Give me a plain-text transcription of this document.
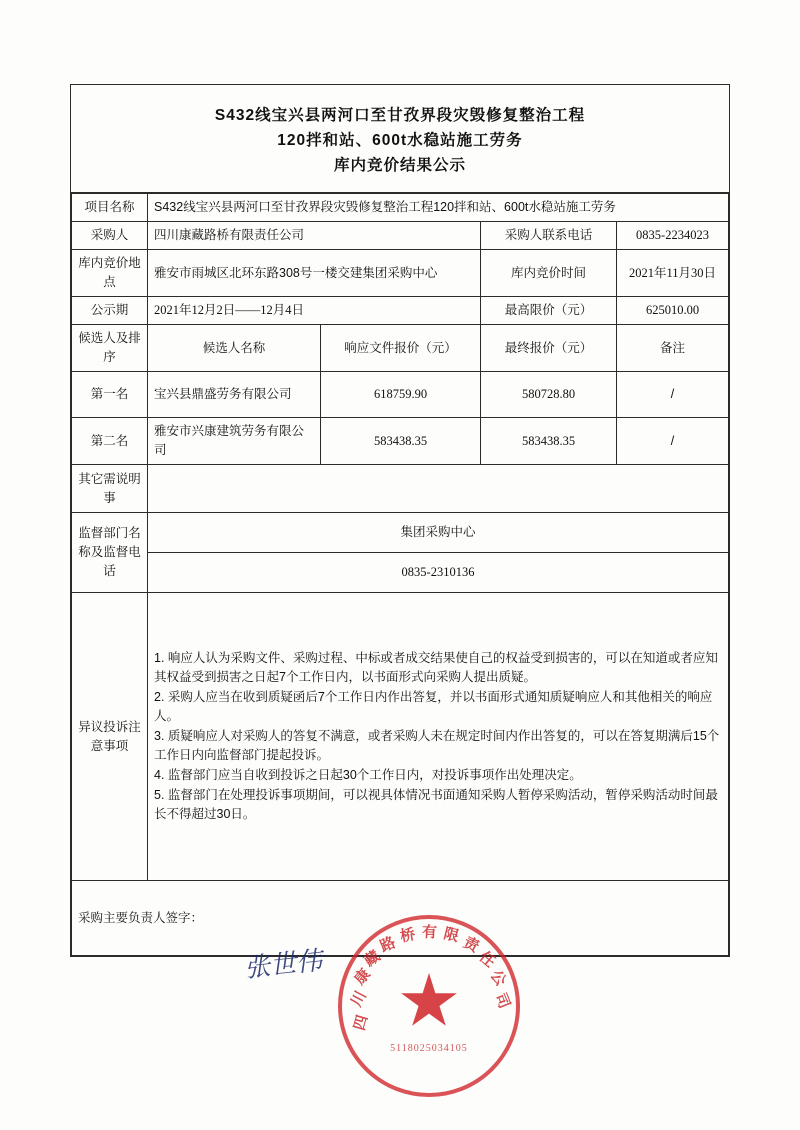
S432线宝兴县两河口至甘孜界段灾毁修复整治工程
120拌和站、600t水稳站施工劳务
库内竞价结果公示
项目名称	S432线宝兴县两河口至甘孜界段灾毁修复整治工程120拌和站、600t水稳站施工劳务			
采购人	四川康藏路桥有限责任公司		采购人联系电话	0835-2234023
库内竞价地点	雅安市雨城区北环东路308号一楼交建集团采购中心		库内竞价时间	2021年11月30日
公示期	2021年12月2日——12月4日		最高限价（元）	625010.00
候选人及排序	候选人名称	响应文件报价（元）	最终报价（元）	备注
第一名	宝兴县鼎盛劳务有限公司	618759.90	580728.80	/
第二名	雅安市兴康建筑劳务有限公司	583438.35	583438.35	/
其它需说明事				
监督部门名称及监督电话	集团采购中心			
	0835-2310136			
异议投诉注意事项	1. 响应人认为采购文件、采购过程、中标或者成交结果使自己的权益受到损害的，可以在知道或者应知其权益受到损害之日起7个工作日内，以书面形式向采购人提出质疑。

2. 采购人应当在收到质疑函后7个工作日内作出答复，并以书面形式通知质疑响应人和其他相关的响应人。

3. 质疑响应人对采购人的答复不满意，或者采购人未在规定时间内作出答复的，可以在答复期满后15个工作日内向监督部门提起投诉。

4. 监督部门应当自收到投诉之日起30个工作日内，对投诉事项作出处理决定。

5. 监督部门在处理投诉事项期间，可以视具体情况书面通知采购人暂停采购活动，暂停采购活动时间最长不得超过30日。			

采购主要负责人签字：				
张世伟
四
川
康
藏
路
桥 有 限
责
任
公
司
5118025034105
